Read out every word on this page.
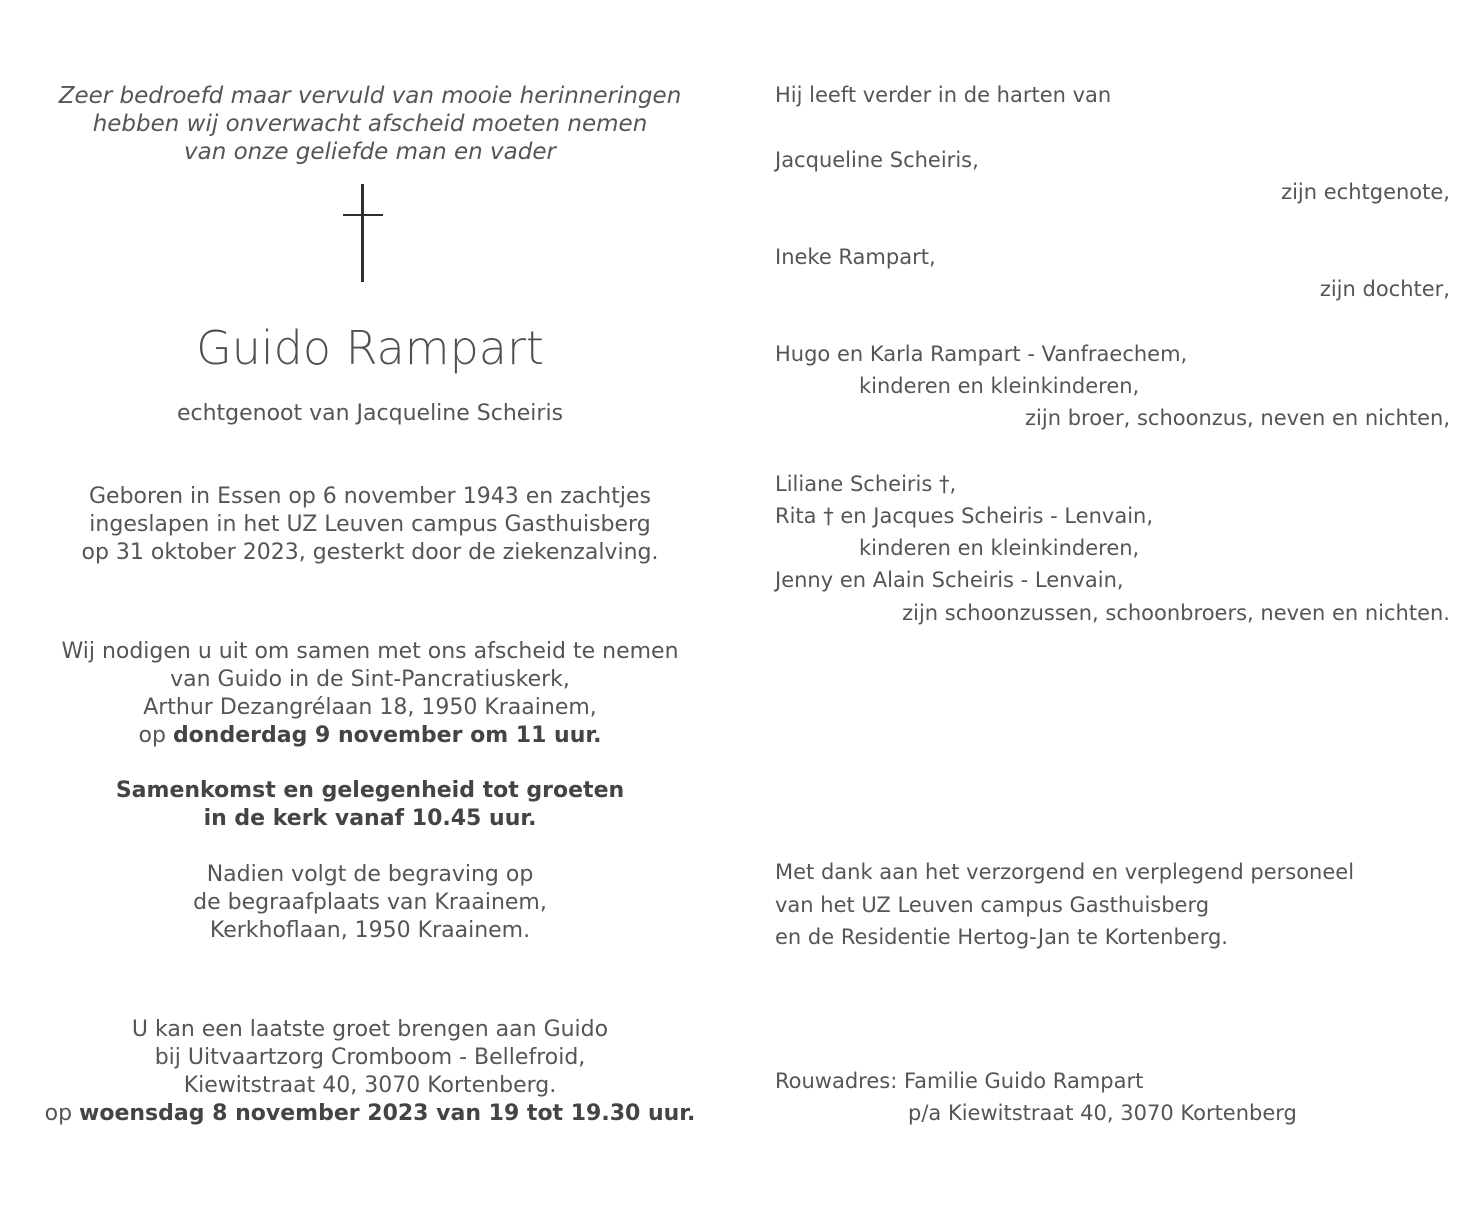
Zeer bedroefd maar vervuld van mooie herinneringen
hebben wij onverwacht afscheid moeten nemen
van onze geliefde man en vader
Guido Rampart
echtgenoot van Jacqueline Scheiris
Geboren in Essen op 6 november 1943 en zachtjes
ingeslapen in het UZ Leuven campus Gasthuisberg
op 31 oktober 2023, gesterkt door de ziekenzalving.
Wij nodigen u uit om samen met ons afscheid te nemen
van Guido in de Sint-Pancratiuskerk,
Arthur Dezangrélaan 18, 1950 Kraainem,
op donderdag 9 november om 11 uur.
Samenkomst en gelegenheid tot groeten
in de kerk vanaf 10.45 uur.
Nadien volgt de begraving op
de begraafplaats van Kraainem,
Kerkhoflaan, 1950 Kraainem.
U kan een laatste groet brengen aan Guido
bij Uitvaartzorg Cromboom - Bellefroid,
Kiewitstraat 40, 3070 Kortenberg.
op woensdag 8 november 2023 van 19 tot 19.30 uur.
Hij leeft verder in de harten van
Jacqueline Scheiris,
zijn echtgenote,
Ineke Rampart,
zijn dochter,
Hugo en Karla Rampart - Vanfraechem,
kinderen en kleinkinderen,
zijn broer, schoonzus, neven en nichten,
Liliane Scheiris †,
Rita † en Jacques Scheiris - Lenvain,
kinderen en kleinkinderen,
Jenny en Alain Scheiris - Lenvain,
zijn schoonzussen, schoonbroers, neven en nichten.
Met dank aan het verzorgend en verplegend personeel
van het UZ Leuven campus Gasthuisberg
en de Residentie Hertog-Jan te Kortenberg.
Rouwadres: Familie Guido Rampart
p/a Kiewitstraat 40, 3070 Kortenberg
